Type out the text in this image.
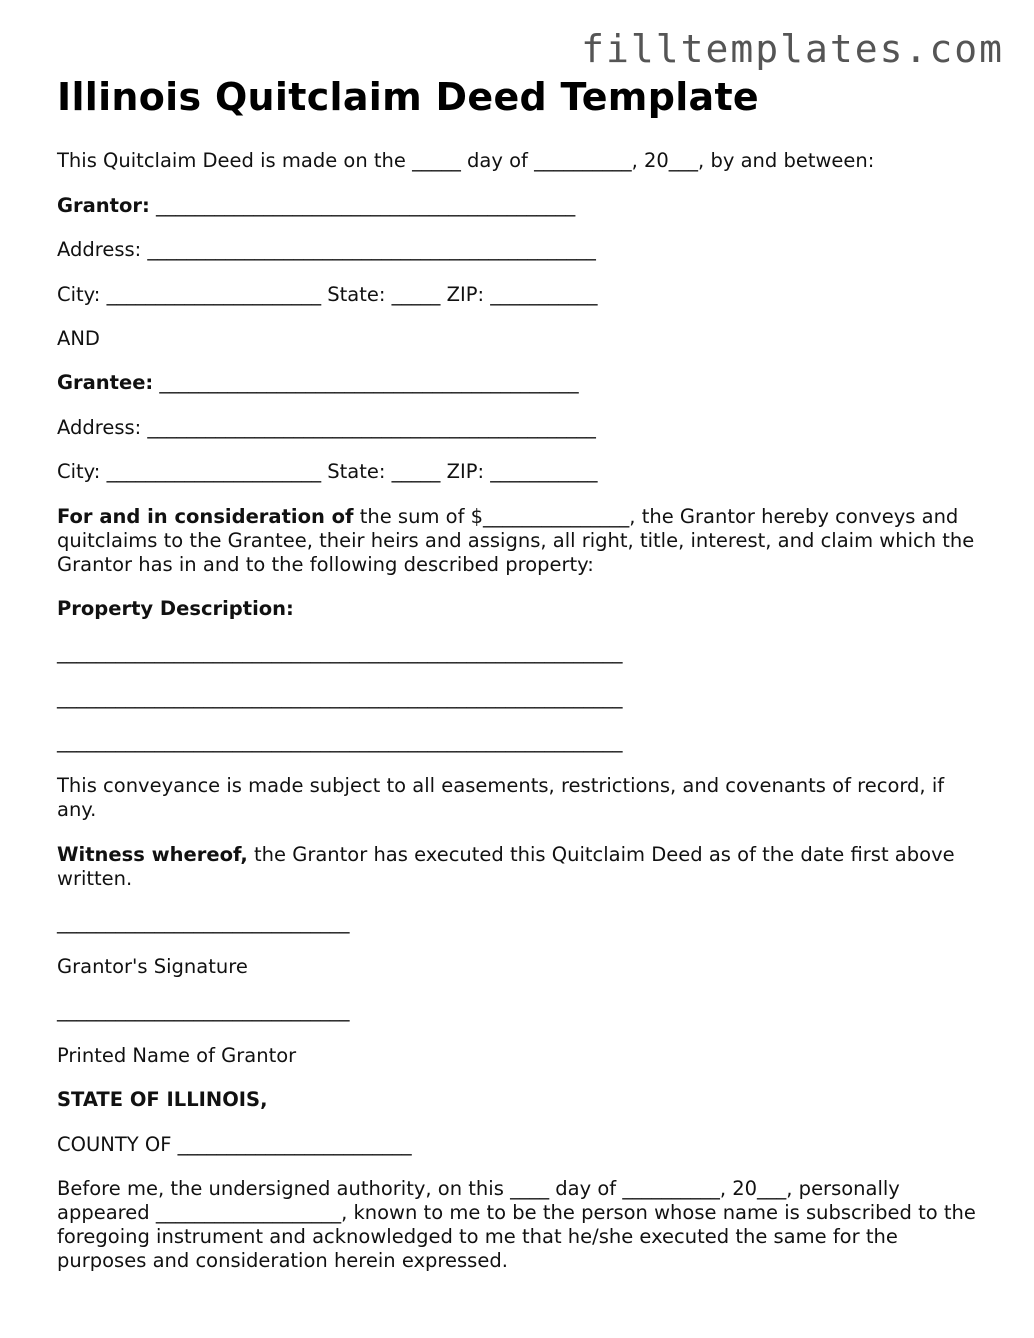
filltemplates.com
Illinois Quitclaim Deed Template

This Quitclaim Deed is made on the _____ day of __________, 20___, by and between:

Grantor: ___________________________________________

Address: ______________________________________________

City: ______________________ State: _____ ZIP: ___________

AND

Grantee: ___________________________________________

Address: ______________________________________________

City: ______________________ State: _____ ZIP: ___________

For and in consideration of the sum of $_______________, the Grantor hereby conveys and quitclaims to the Grantee, their heirs and assigns, all right, title, interest, and claim which the Grantor has in and to the following described property:

Property Description:

__________________________________________________________

__________________________________________________________

__________________________________________________________

This conveyance is made subject to all easements, restrictions, and covenants of record, if any.

Witness whereof, the Grantor has executed this Quitclaim Deed as of the date first above written.

______________________________

Grantor's Signature

______________________________

Printed Name of Grantor

STATE OF ILLINOIS,

COUNTY OF ________________________

Before me, the undersigned authority, on this ____ day of __________, 20___, personally appeared ___________________, known to me to be the person whose name is subscribed to the foregoing instrument and acknowledged to me that he/she executed the same for the purposes and consideration herein expressed.
